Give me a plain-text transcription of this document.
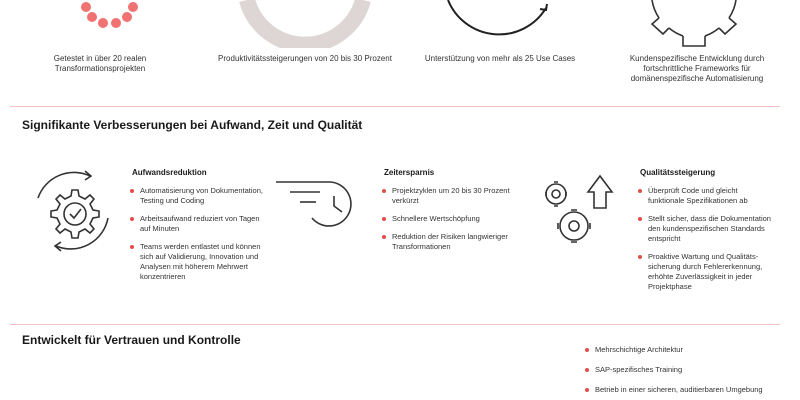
Getestet in über 20 realen Transformationsprojekten
Produktivitätssteigerungen von 20 bis 30 Prozent	Unterstützung von mehr als 25 Use Cases	Kundenspezifische Entwicklung durch fortschrittliche Frameworks für domänenspezifische Automatisierung
Signifikante Verbesserungen bei Aufwand, Zeit und Qualität
Aufwandsreduktion
Automatisierung von Dokumentation, Testing und Coding
Arbeitsaufwand reduziert von Tagen auf Minuten
Teams werden entlastet und können sich auf Validierung, Innovation und Analysen mit höherem Mehrwert konzentrieren
Zeitersparnis
Projektzyklen um 20 bis 30 Prozent verkürzt
Schnellere Wertschöpfung
Reduktion der Risiken langwieriger Transformationen
Qualitätssteigerung
Überprüft Code und gleicht funktionale Spezifikationen ab
Stellt sicher, dass die Dokumentation den kundenspezifischen Standards entspricht
Proaktive Wartung und Qualitäts-sicherung durch Fehlererkennung, erhöhte Zuverlässigkeit in jeder Projektphase
Entwickelt für Vertrauen und Kontrolle
Mehrschichtige Architektur
SAP-spezifisches Training
Betrieb in einer sicheren, auditierbaren Umgebung
